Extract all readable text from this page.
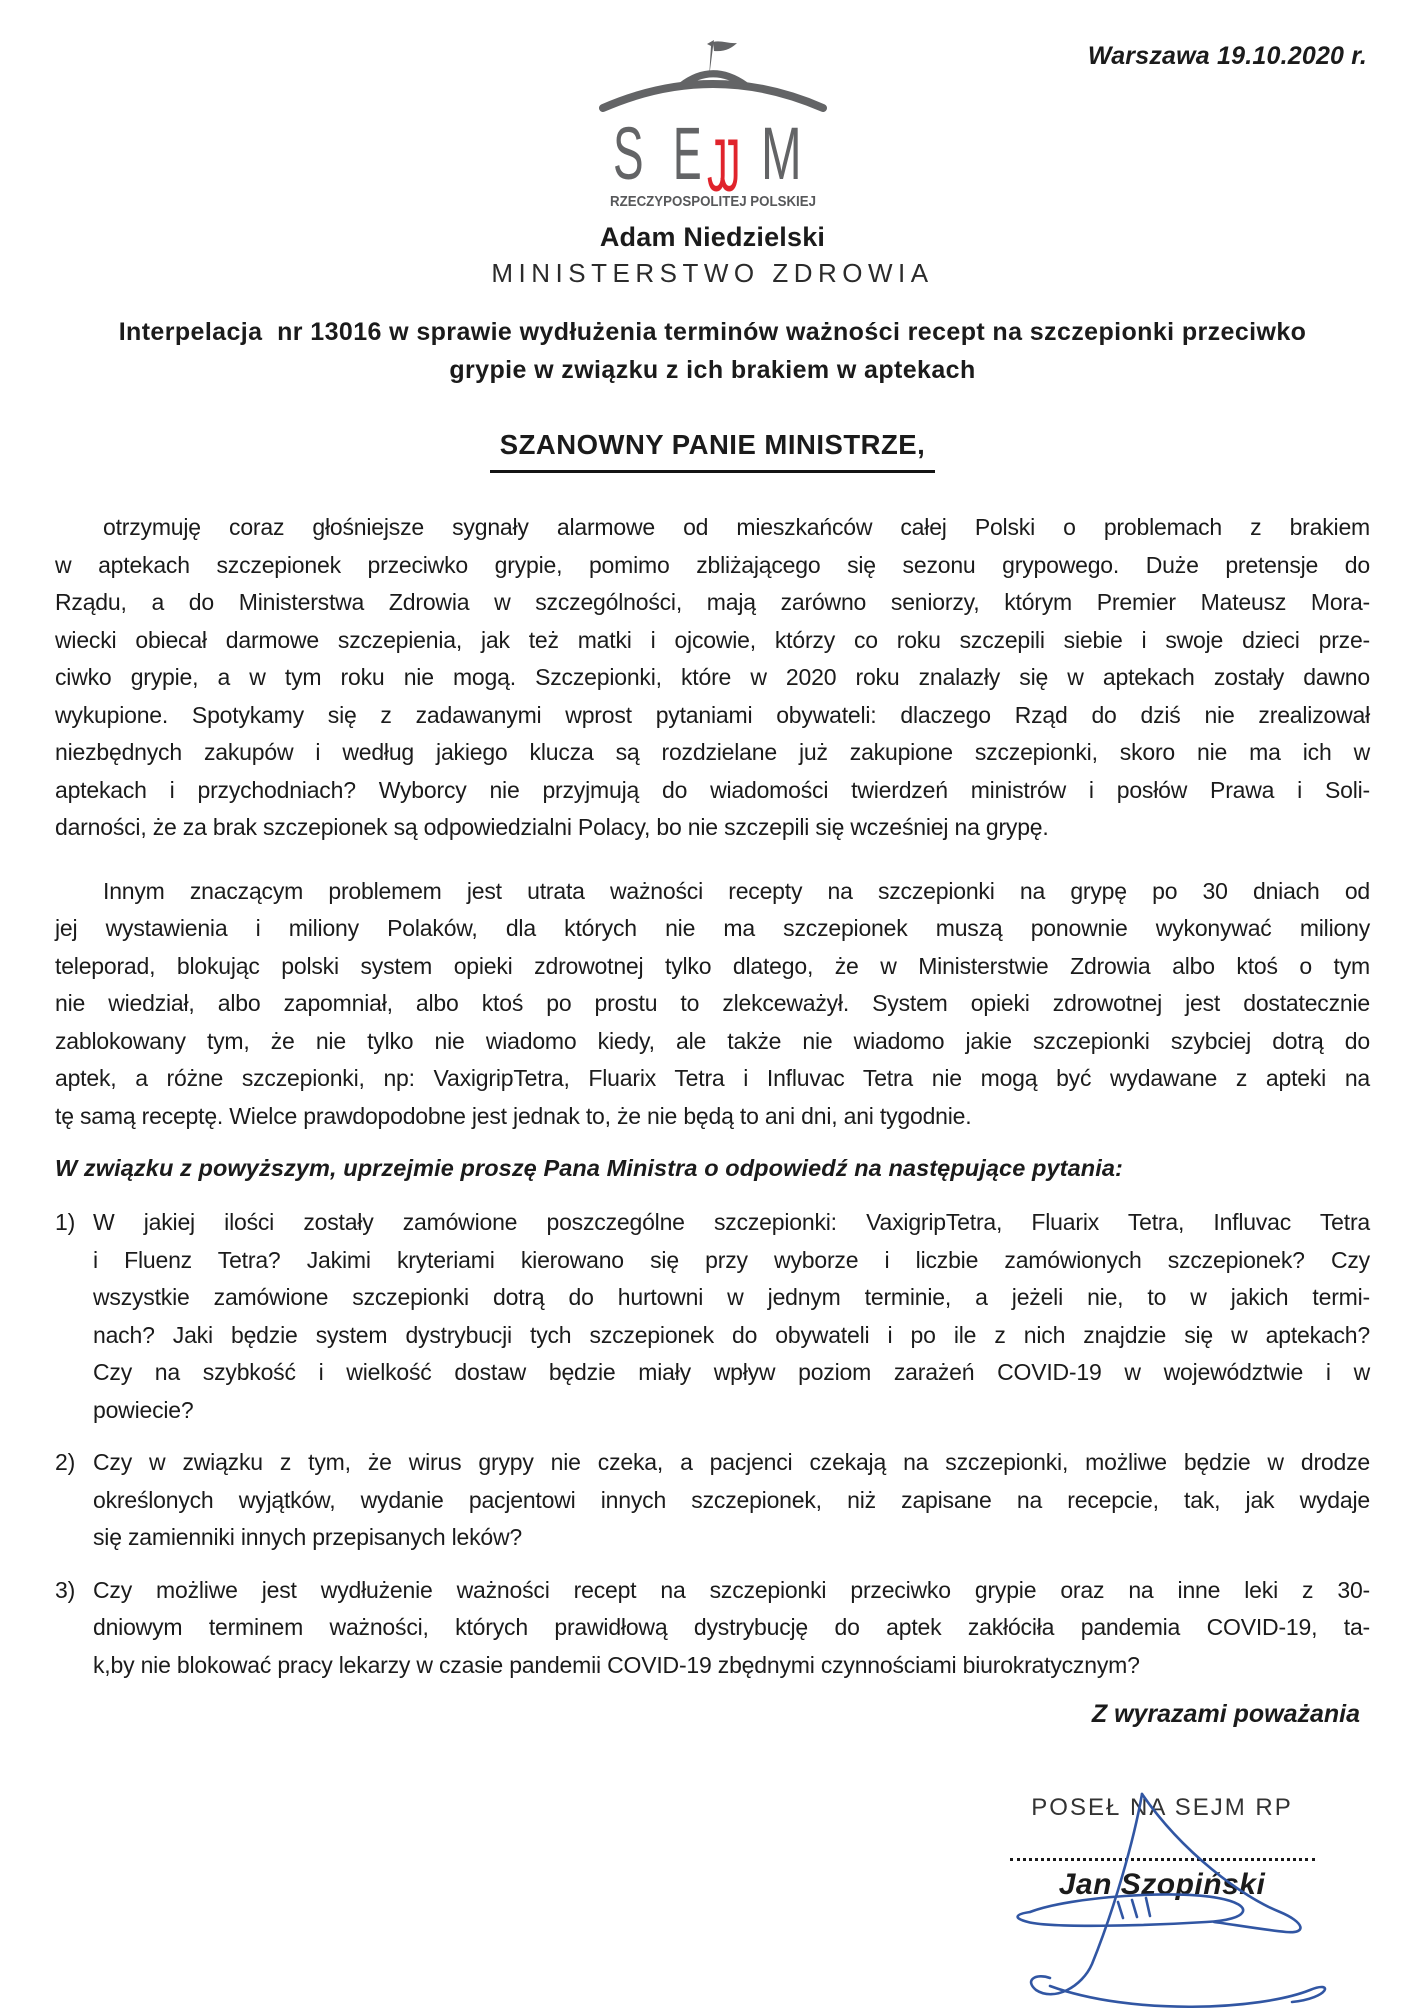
Warszawa 19.10.2020 r.
S E JJ M
RZECZYPOSPOLITEJ POLSKIEJ
Adam Niedzielski
MINISTERSTWO ZDROWIA
Interpelacja  nr 13016 w sprawie wydłużenia terminów ważności recept na szczepionki przeciwko
grypie w związku z ich brakiem w aptekach
SZANOWNY PANIE MINISTRZE,
otrzymuję coraz głośniejsze sygnały alarmowe od mieszkańców całej Polski o problemach z brakiem
w aptekach szczepionek przeciwko grypie, pomimo zbliżającego się sezonu grypowego. Duże pretensje do
Rządu, a do Ministerstwa Zdrowia w szczególności, mają zarówno seniorzy, którym Premier Mateusz Mora-
wiecki obiecał darmowe szczepienia, jak też matki i ojcowie, którzy co roku szczepili siebie i swoje dzieci prze-
ciwko grypie, a w tym roku nie mogą. Szczepionki, które w 2020 roku znalazły się w aptekach zostały dawno
wykupione. Spotykamy się z zadawanymi wprost pytaniami obywateli: dlaczego Rząd do dziś nie zrealizował
niezbędnych zakupów i według jakiego klucza są rozdzielane już zakupione szczepionki, skoro nie ma ich w
aptekach i przychodniach? Wyborcy nie przyjmują do wiadomości twierdzeń ministrów i posłów Prawa i Soli-
darności, że za brak szczepionek są odpowiedzialni Polacy, bo nie szczepili się wcześniej na grypę.
Innym znaczącym problemem jest utrata ważności recepty na szczepionki na grypę po 30 dniach od
jej wystawienia i miliony Polaków, dla których nie ma szczepionek muszą ponownie wykonywać miliony
teleporad, blokując polski system opieki zdrowotnej tylko dlatego, że w Ministerstwie Zdrowia albo ktoś o tym
nie wiedział, albo zapomniał, albo ktoś po prostu to zlekceważył. System opieki zdrowotnej jest dostatecznie
zablokowany tym, że nie tylko nie wiadomo kiedy, ale także nie wiadomo jakie szczepionki szybciej dotrą do
aptek, a różne szczepionki, np: VaxigripTetra, Fluarix Tetra i Influvac Tetra nie mogą być wydawane z apteki na
tę samą receptę. Wielce prawdopodobne jest jednak to, że nie będą to ani dni, ani tygodnie.
W związku z powyższym, uprzejmie proszę Pana Ministra o odpowiedź na następujące pytania:
1) W jakiej ilości zostały zamówione poszczególne szczepionki: VaxigripTetra, Fluarix Tetra, Influvac Tetra
i Fluenz Tetra? Jakimi kryteriami kierowano się przy wyborze i liczbie zamówionych szczepionek? Czy
wszystkie zamówione szczepionki dotrą do hurtowni w jednym terminie, a jeżeli nie, to w jakich termi-
nach? Jaki będzie system dystrybucji tych szczepionek do obywateli i po ile z nich znajdzie się w aptekach?
Czy na szybkość i wielkość dostaw będzie miały wpływ poziom zarażeń COVID-19 w województwie i w
powiecie?
2) Czy w związku z tym, że wirus grypy nie czeka, a pacjenci czekają na szczepionki, możliwe będzie w drodze
określonych wyjątków, wydanie pacjentowi innych szczepionek, niż zapisane na recepcie, tak, jak wydaje
się zamienniki innych przepisanych leków?
3) Czy możliwe jest wydłużenie ważności recept na szczepionki przeciwko grypie oraz na inne leki z 30-
dniowym terminem ważności, których prawidłową dystrybucję do aptek zakłóciła pandemia COVID-19, ta-
k,by nie blokować pracy lekarzy w czasie pandemii COVID-19 zbędnymi czynnościami biurokratycznym?
Z wyrazami poważania
POSEŁ NA SEJM RP
Jan Szopiński
